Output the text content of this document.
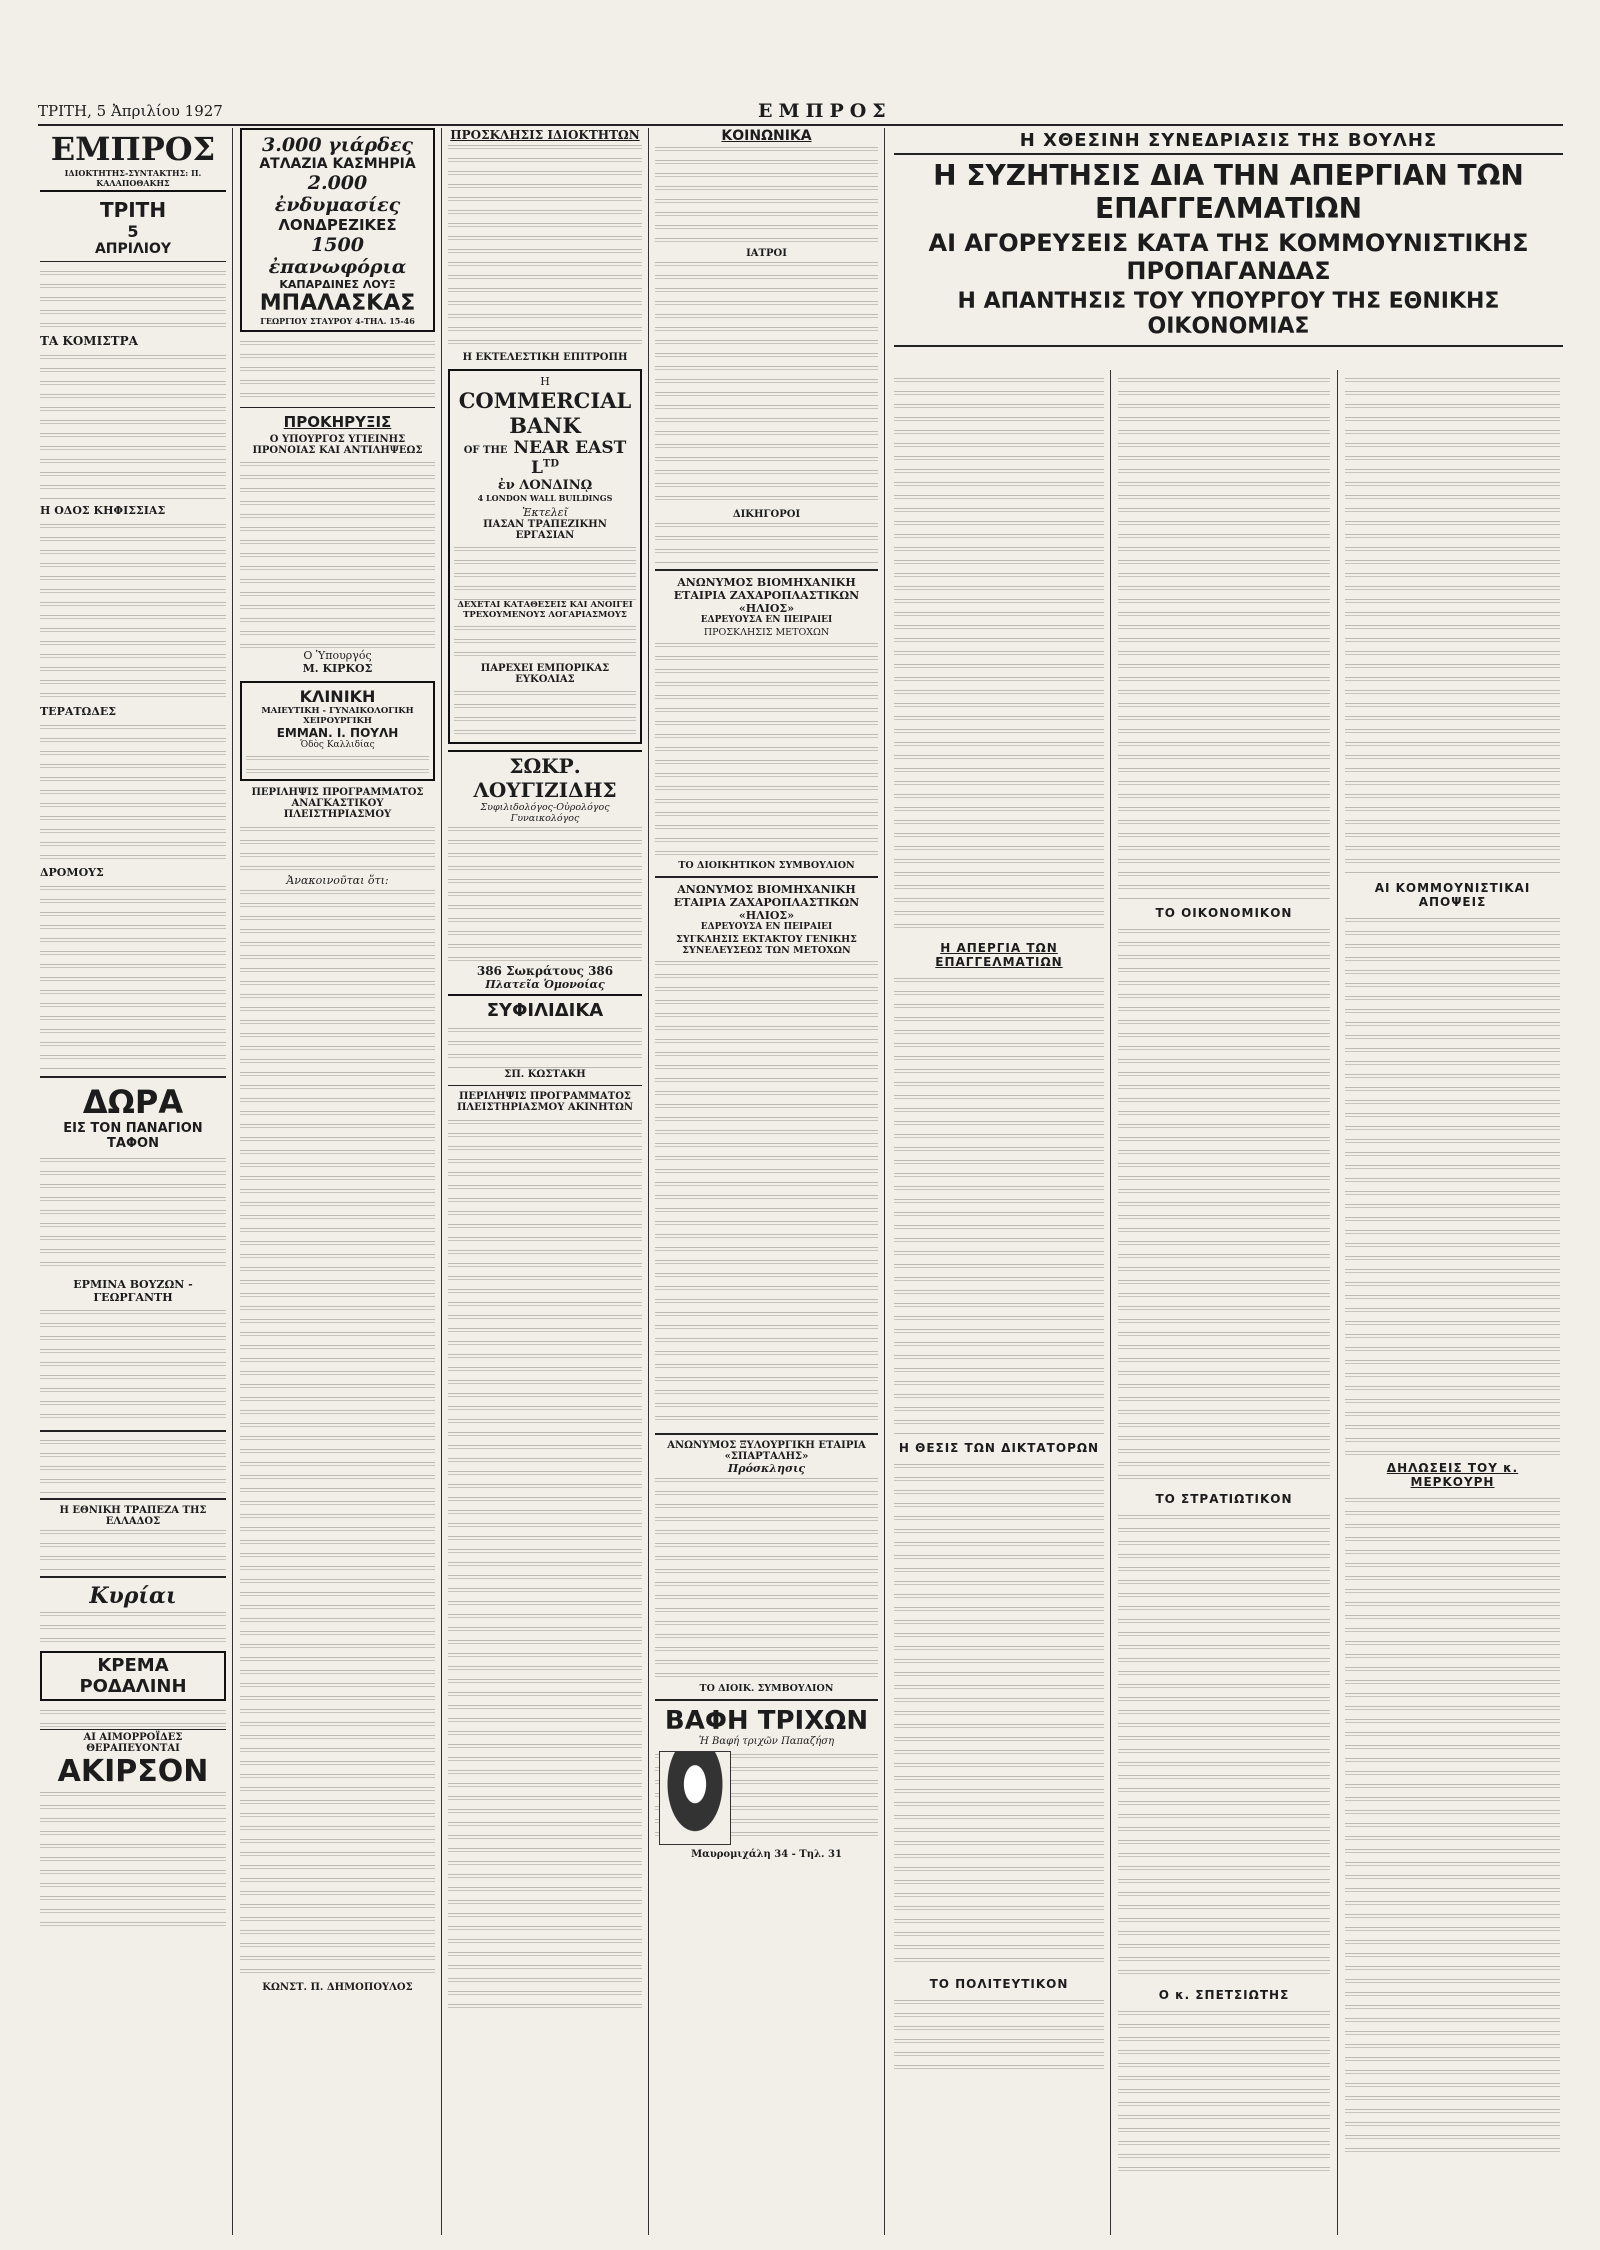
ΤΡΙΤΗ, 5 Ἀπριλίου 1927	ΕΜΠΡΟΣ
ΕΜΠΡΟΣ
ΙΔΙΟΚΤΗΤΗΣ-ΣΥΝΤΑΚΤΗΣ: Π. ΚΑΛΑΠΟΘΑΚΗΣ
ΤΡΙΤΗ
5
ΑΠΡΙΛΙΟΥ
ΤΑ ΚΟΜΙΣΤΡΑ
Η ΟΔΟΣ ΚΗΦΙΣΣΙΑΣ
ΤΕΡΑΤΩΔΕΣ
ΔΡΟΜΟΥΣ
ΔΩΡΑ
ΕΙΣ ΤΟΝ ΠΑΝΑΓΙΟΝ ΤΑΦΟΝ
ΕΡΜΙΝΑ ΒΟΥΖΩΝ - ΓΕΩΡΓΑΝΤΗ
Η ΕΘΝΙΚΗ ΤΡΑΠΕΖΑ ΤΗΣ ΕΛΛΑΔΟΣ
Κυρίαι
ΚΡΕΜΑ ΡΟΔΑΛΙΝΗ
ΑΙ ΑΙΜΟΡΡΟΪΔΕΣ ΘΕΡΑΠΕΥΟΝΤΑΙ
ΑΚΙΡΣΟΝ
3.000 γιάρδες
ΑΤΛΑΖΙΑ ΚΑΣΜΗΡΙΑ
2.000 ἐνδυμασίες
ΛΟΝΔΡΕΖΙΚΕΣ
1500 ἐπανωφόρια
ΚΑΠΑΡΔΙΝΕΣ ΛΟΥΞ
ΜΠΑΛΑΣΚΑΣ
ΓΕΩΡΓΙΟΥ ΣΤΑΥΡΟΥ 4-ΤΗΛ. 15-46
ΠΡΟΚΗΡΥΞΙΣ
Ο ΥΠΟΥΡΓΟΣ ΥΓΙΕΙΝΗΣ ΠΡΟΝΟΙΑΣ ΚΑΙ ΑΝΤΙΛΗΨΕΩΣ
Ο Ὑπουργός
Μ. ΚΙΡΚΟΣ
ΚΛΙΝΙΚΗ
ΜΑΙΕΥΤΙΚΗ - ΓΥΝΑΙΚΟΛΟΓΙΚΗ ΧΕΙΡΟΥΡΓΙΚΗ
ΕΜΜΑΝ. Ι. ΠΟΥΛΗ
Ὁδὸς Καλλιδίας
ΠΕΡΙΛΗΨΙΣ ΠΡΟΓΡΑΜΜΑΤΟΣ ΑΝΑΓΚΑΣΤΙΚΟΥ ΠΛΕΙΣΤΗΡΙΑΣΜΟΥ
Ἀνακοινοῦται ὅτι:
ΚΩΝΣΤ. Π. ΔΗΜΟΠΟΥΛΟΣ
ΠΡΟΣΚΛΗΣΙΣ ΙΔΙΟΚΤΗΤΩΝ
Η ΕΚΤΕΛΕΣΤΙΚΗ ΕΠΙΤΡΟΠΗ
Η
COMMERCIAL BANK
OF THE NEAR EAST $L^{TD}$
ἐν ΛΟΝΔΙΝῼ
4 LONDON WALL BUILDINGS
Ἐκτελεῖ
ΠΑΣΑΝ ΤΡΑΠΕΖΙΚΗΝ ΕΡΓΑΣΙΑΝ
ΔΕΧΕΤΑΙ ΚΑΤΑΘΕΣΕΙΣ ΚΑΙ ΑΝΟΙΓΕΙ ΤΡΕΧΟΥΜΕΝΟΥΣ ΛΟΓΑΡΙΑΣΜΟΥΣ
ΠΑΡΕΧΕΙ ΕΜΠΟΡΙΚΑΣ ΕΥΚΟΛΙΑΣ
ΣΩΚΡ. ΛΟΥΓΙΖΙΔΗΣ
Συφιλιδολόγος-Οὐρολόγος Γυναικολόγος
386 Σωκράτους 386
Πλατεῖα Ὁμονοίας
ΣΥΦΙΛΙΔΙΚΑ
ΣΠ. ΚΩΣΤΑΚΗ
ΠΕΡΙΛΗΨΙΣ ΠΡΟΓΡΑΜΜΑΤΟΣ ΠΛΕΙΣΤΗΡΙΑΣΜΟΥ ΑΚΙΝΗΤΩΝ
ΚΟΙΝΩΝΙΚΑ
ΙΑΤΡΟΙ
ΔΙΚΗΓΟΡΟΙ
ΑΝΩΝΥΜΟΣ ΒΙΟΜΗΧΑΝΙΚΗ ΕΤΑΙΡΙΑ ΖΑΧΑΡΟΠΛΑΣΤΙΚΩΝ «ΗΛΙΟΣ»
ΕΔΡΕΥΟΥΣΑ ΕΝ ΠΕΙΡΑΙΕΙ
ΠΡΟΣΚΛΗΣΙΣ ΜΕΤΟΧΩΝ
ΤΟ ΔΙΟΙΚΗΤΙΚΟΝ ΣΥΜΒΟΥΛΙΟΝ
ΑΝΩΝΥΜΟΣ ΒΙΟΜΗΧΑΝΙΚΗ ΕΤΑΙΡΙΑ ΖΑΧΑΡΟΠΛΑΣΤΙΚΩΝ «ΗΛΙΟΣ»
ΕΔΡΕΥΟΥΣΑ ΕΝ ΠΕΙΡΑΙΕΙ
ΣΥΓΚΛΗΣΙΣ ΕΚΤΑΚΤΟΥ ΓΕΝΙΚΗΣ ΣΥΝΕΛΕΥΣΕΩΣ ΤΩΝ ΜΕΤΟΧΩΝ
ΑΝΩΝΥΜΟΣ ΞΥΛΟΥΡΓΙΚΗ ΕΤΑΙΡΙΑ «ΣΠΑΡΤΑΛΗΣ»
Πρόσκλησις
ΤΟ ΔΙΟΙΚ. ΣΥΜΒΟΥΛΙΟΝ
ΒΑΦΗ ΤΡΙΧΩΝ
Ἡ Βαφή τριχῶν Παπαζήση
Μαυρομιχάλη 34 - Τηλ. 31
Η ΧΘΕΣΙΝΗ ΣΥΝΕΔΡΙΑΣΙΣ ΤΗΣ ΒΟΥΛΗΣ
Η ΣΥΖΗΤΗΣΙΣ ΔΙΑ ΤΗΝ ΑΠΕΡΓΙΑΝ ΤΩΝ ΕΠΑΓΓΕΛΜΑΤΙΩΝ
ΑΙ ΑΓΟΡΕΥΣΕΙΣ ΚΑΤΑ ΤΗΣ ΚΟΜΜΟΥΝΙΣΤΙΚΗΣ ΠΡΟΠΑΓΑΝΔΑΣ
Η ΑΠΑΝΤΗΣΙΣ ΤΟΥ ΥΠΟΥΡΓΟΥ ΤΗΣ ΕΘΝΙΚΗΣ ΟΙΚΟΝΟΜΙΑΣ
Η ΑΠΕΡΓΙΑ ΤΩΝ ΕΠΑΓΓΕΛΜΑΤΙΩΝ
Η ΘΕΣΙΣ ΤΩΝ ΔΙΚΤΑΤΟΡΩΝ
ΤΟ ΠΟΛΙΤΕΥΤΙΚΟΝ
ΤΟ ΟΙΚΟΝΟΜΙΚΟΝ
ΤΟ ΣΤΡΑΤΙΩΤΙΚΟΝ
Ο κ. ΣΠΕΤΣΙΩΤΗΣ
ΑΙ ΚΟΜΜΟΥΝΙΣΤΙΚΑΙ ΑΠΟΨΕΙΣ
ΔΗΛΩΣΕΙΣ ΤΟΥ κ. ΜΕΡΚΟΥΡΗ
